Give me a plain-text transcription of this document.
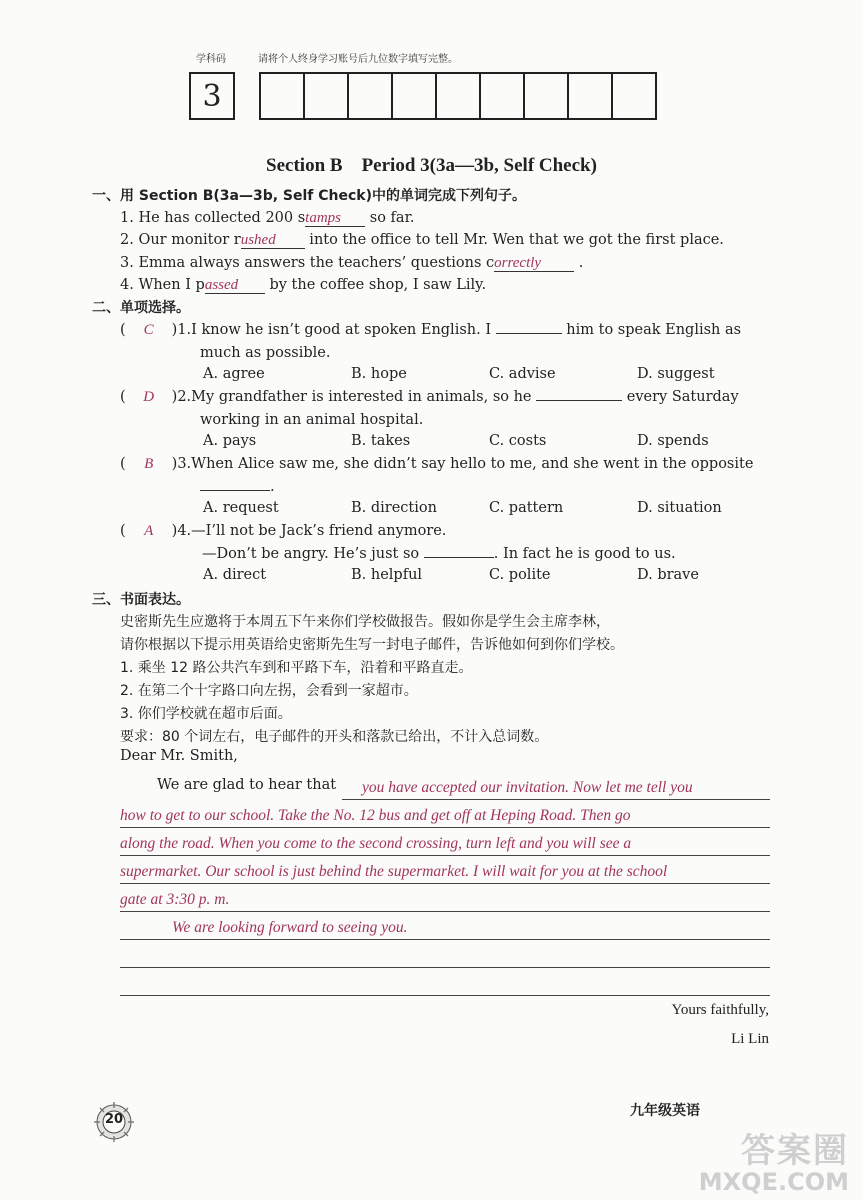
学科码	请将个人终身学习账号后九位数字填写完整。
3
Section B　Period 3(3a—3b, Self Check)
一、用 Section B(3a—3b, Self Check)中的单词完成下列句子。
1. He has collected 200 stamps so far.
2. Our monitor rushed into the office to tell Mr. Wen that we got the first place.
3. Emma always answers the teachers’ questions correctly .
4. When I passed by the coffee shop, I saw Lily.
二、单项选择。
( C )1.I know he isn’t good at spoken English. I	him to speak English as
much as possible.
A. agree	B. hope	C. advise	D. suggest
( D )2.My grandfather is interested in animals, so he	every Saturday
working in an animal hospital.
A. pays	B. takes	C. costs	D. spends
( B )3.When Alice saw me, she didn’t say hello to me, and she went in the opposite
.
A. request	B. direction	C. pattern	D. situation
( A )4.—I’ll not be Jack’s friend anymore.
—Don’t be angry. He’s just so	. In fact he is good to us.
A. direct	B. helpful	C. polite	D. brave
三、书面表达。
史密斯先生应邀将于本周五下午来你们学校做报告。假如你是学生会主席李林，
请你根据以下提示用英语给史密斯先生写一封电子邮件，告诉他如何到你们学校。
1. 乘坐 12 路公共汽车到和平路下车，沿着和平路直走。
2. 在第二个十字路口向左拐，会看到一家超市。
3. 你们学校就在超市后面。
要求：80 个词左右，电子邮件的开头和落款已给出，不计入总词数。
Dear Mr. Smith,
We are glad to hear that you have accepted our invitation. Now let me tell you
how to get to our school. Take the No. 12 bus and get off at Heping Road. Then go
along the road. When you come to the second crossing, turn left and you will see a
supermarket. Our school is just behind the supermarket. I will wait for you at the school
gate at 3:30 p. m.
We are looking forward to seeing you.
Yours faithfully,
Li Lin
20
九年级英语
答案圈
MXQE.COM
